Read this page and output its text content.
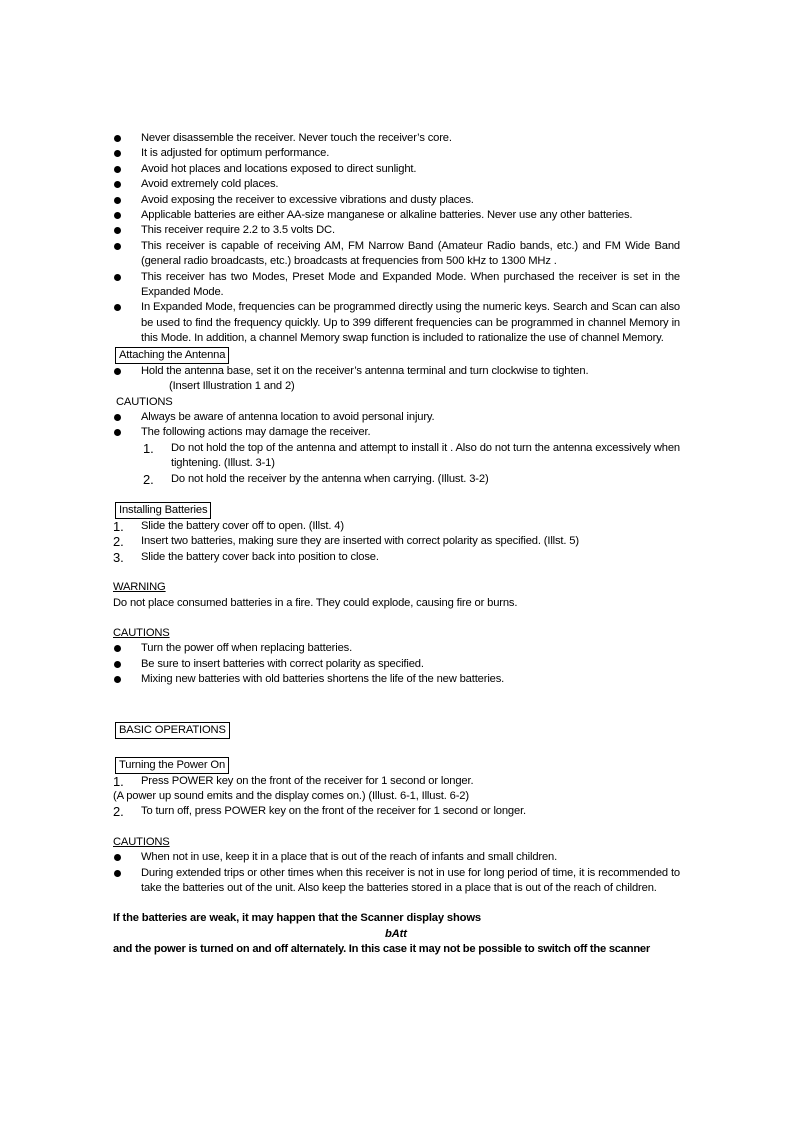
Never disassemble the receiver. Never touch the receiver’s core.
It is adjusted for optimum performance.
Avoid hot places and locations exposed to direct sunlight.
Avoid extremely cold places.
Avoid exposing the receiver to excessive vibrations and dusty places.
Applicable batteries are either AA-size manganese or alkaline batteries. Never use any other batteries.
This receiver require 2.2 to 3.5 volts DC.
This receiver is capable of receiving AM, FM Narrow Band (Amateur Radio bands, etc.) and FM Wide Band (general radio broadcasts, etc.) broadcasts at frequencies from 500 kHz to 1300 MHz .
This receiver has two Modes, Preset Mode and Expanded Mode. When purchased the receiver is set in the Expanded Mode.
In Expanded Mode, frequencies can be programmed directly using the numeric keys. Search and Scan can also be used to find the frequency quickly. Up to 399 different frequencies can be programmed in channel Memory in this Mode. In addition, a channel Memory swap function is included to rationalize the use of channel Memory.
Attaching the Antenna
Hold the antenna base, set it on the receiver’s antenna terminal and turn clockwise to tighten.
(Insert Illustration 1 and 2)
CAUTIONS
Always be aware of antenna location to avoid personal injury.
The following actions may damage the receiver.
1. Do not hold the top of the antenna and attempt to install it . Also do not turn the antenna excessively when tightening. (Illust. 3-1)
2. Do not hold the receiver by the antenna when carrying. (Illust. 3-2)
Installing Batteries
1. Slide the battery cover off to open. (Illst. 4)
2. Insert two batteries, making sure they are inserted with correct polarity as specified. (Illst. 5)
3. Slide the battery cover back into position to close.
WARNING
Do not place consumed batteries in a fire. They could explode, causing fire or burns.
CAUTIONS
Turn the power off when replacing batteries.
Be sure to insert batteries with correct polarity as specified.
Mixing new batteries with old batteries shortens the life of the new batteries.
BASIC OPERATIONS
Turning the Power On
1. Press POWER key on the front of the receiver for 1 second or longer.
(A power up sound emits and the display comes on.) (Illust. 6-1, Illust. 6-2)
2. To turn off, press POWER key on the front of the receiver for 1 second or longer.
CAUTIONS
When not in use, keep it in a place that is out of the reach of infants and small children.
During extended trips or other times when this receiver is not in use for long period of time, it is recommended to take the batteries out of the unit. Also keep the batteries stored in a place that is out of the reach of children.
If the batteries are weak, it may happen that the Scanner display shows
bAtt
and the power is turned on and off alternately. In this case it may not be possible to switch off the scanner
